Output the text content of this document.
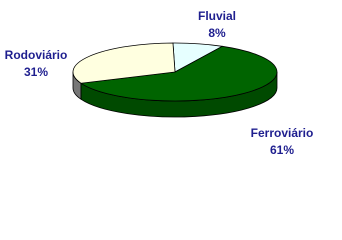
Fluvial
8%
Ferroviário
61%
Rodoviário
31%
